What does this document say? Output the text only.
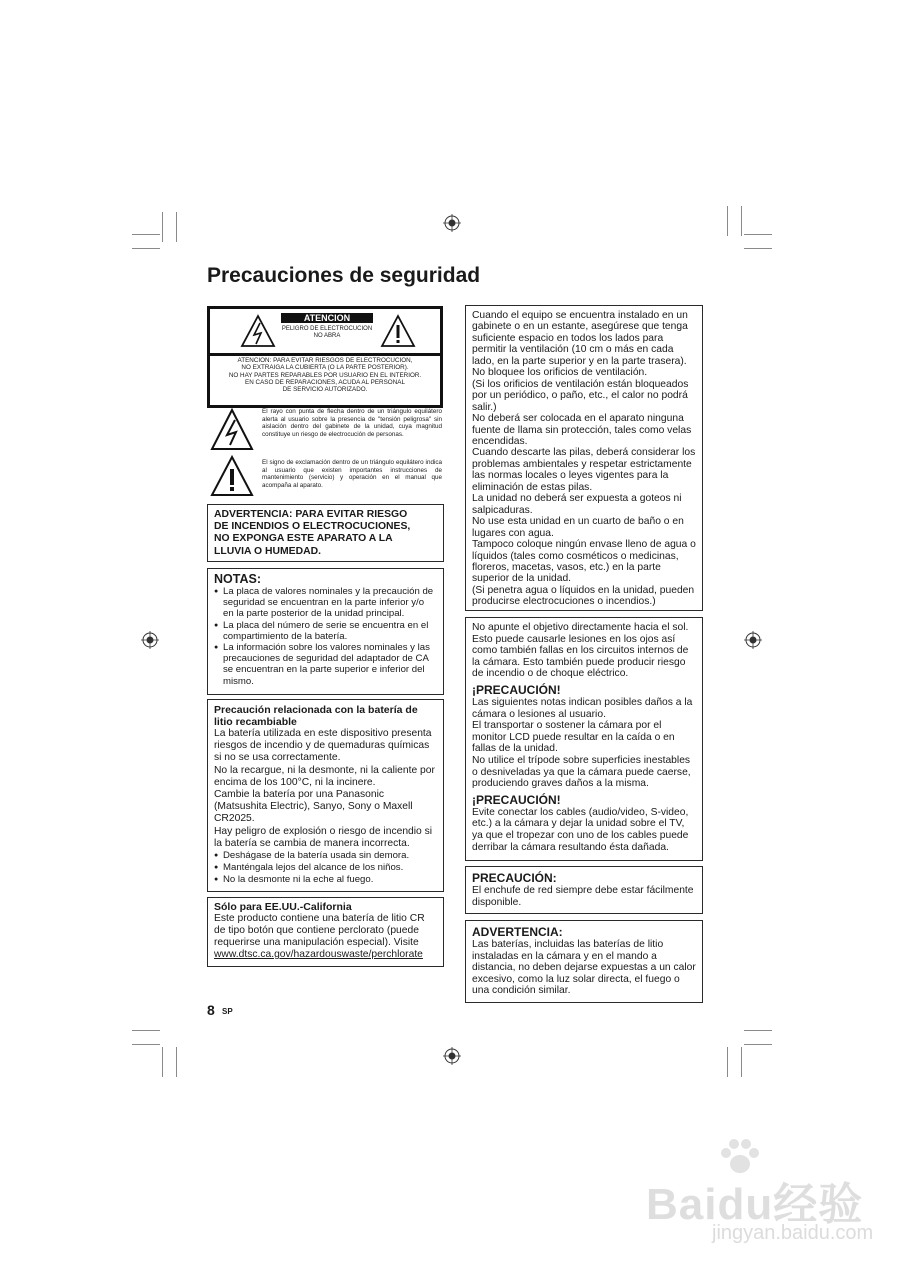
Precauciones de seguridad
ATENCION
PELIGRO DE ELECTROCUCION
NO ABRA
ATENCION: PARA EVITAR RIESGOS DE ELECTROCUCION,
NO EXTRAIGA LA CUBIERTA (O LA PARTE POSTERIOR).
NO HAY PARTES REPARABLES POR USUARIO EN EL INTERIOR.
EN CASO DE REPARACIONES, ACUDA AL PERSONAL
DE SERVICIO AUTORIZADO.

El rayo con punta de flecha dentro de un triángulo equilátero alerta al usuario sobre la presencia de "tensión peligrosa" sin aislación dentro del gabinete de la unidad, cuya magnitud constituye un riesgo de electrocución de personas.

El signo de exclamación dentro de un triángulo equilátero indica al usuario que existen importantes instrucciones de mantenimiento (servicio) y operación en el manual que acompaña al aparato.

ADVERTENCIA: PARA EVITAR RIESGO
DE INCENDIOS O ELECTROCUCIONES,
NO EXPONGA ESTE APARATO A LA
LLUVIA O HUMEDAD.

NOTAS:

● La placa de valores nominales y la precaución de seguridad se encuentran en la parte inferior y/o en la parte posterior de la unidad principal.
● La placa del número de serie se encuentra en el compartimiento de la batería.
● La información sobre los valores nominales y las precauciones de seguridad del adaptador de CA se encuentran en la parte superior e inferior del mismo.

Precaución relacionada con la batería de litio recambiable

La batería utilizada en este dispositivo presenta riesgos de incendio y de quemaduras químicas si no se usa correctamente.

No la recargue, ni la desmonte, ni la caliente por encima de los 100°C, ni la incinere.

Cambie la batería por una Panasonic (Matsushita Electric), Sanyo, Sony o Maxell CR2025.

Hay peligro de explosión o riesgo de incendio si la batería se cambia de manera incorrecta.

● Deshágase de la batería usada sin demora.
● Manténgala lejos del alcance de los niños.
● No la desmonte ni la eche al fuego.

Sólo para EE.UU.-California

Este producto contiene una batería de litio CR de tipo botón que contiene perclorato (puede requerirse una manipulación especial). Visite

www.dtsc.ca.gov/hazardouswaste/perchlorate
8 SP

Cuando el equipo se encuentra instalado en un gabinete o en un estante, asegúrese que tenga suficiente espacio en todos los lados para permitir la ventilación (10 cm o más en cada lado, en la parte superior y en la parte trasera).

No bloquee los orificios de ventilación.

(Si los orificios de ventilación están bloqueados por un periódico, o paño, etc., el calor no podrá salir.)

No deberá ser colocada en el aparato ninguna fuente de llama sin protección, tales como velas encendidas.

Cuando descarte las pilas, deberá considerar los problemas ambientales y respetar estrictamente las normas locales o leyes vigentes para la eliminación de estas pilas.

La unidad no deberá ser expuesta a goteos ni salpicaduras.

No use esta unidad en un cuarto de baño o en lugares con agua.

Tampoco coloque ningún envase lleno de agua o líquidos (tales como cosméticos o medicinas, floreros, macetas, vasos, etc.) en la parte superior de la unidad.

(Si penetra agua o líquidos en la unidad, pueden producirse electrocuciones o incendios.)

No apunte el objetivo directamente hacia el sol. Esto puede causarle lesiones en los ojos así como también fallas en los circuitos internos de la cámara. Esto también puede producir riesgo de incendio o de choque eléctrico.

¡PRECAUCIÓN!

Las siguientes notas indican posibles daños a la cámara o lesiones al usuario.

El transportar o sostener la cámara por el monitor LCD puede resultar en la caída o en fallas de la unidad.

No utilice el trípode sobre superficies inestables o desniveladas ya que la cámara puede caerse, produciendo graves daños a la misma.

¡PRECAUCIÓN!

Evite conectar los cables (audio/video, S-video, etc.) a la cámara y dejar la unidad sobre el TV, ya que el tropezar con uno de los cables puede derribar la cámara resultando ésta dañada.

PRECAUCIÓN:

El enchufe de red siempre debe estar fácilmente disponible.

ADVERTENCIA:

Las baterías, incluidas las baterías de litio instaladas en la cámara y en el mando a distancia, no deben dejarse expuestas a un calor excesivo, como la luz solar directa, el fuego o una condición similar.

Baidu经验
jingyan.baidu.com
